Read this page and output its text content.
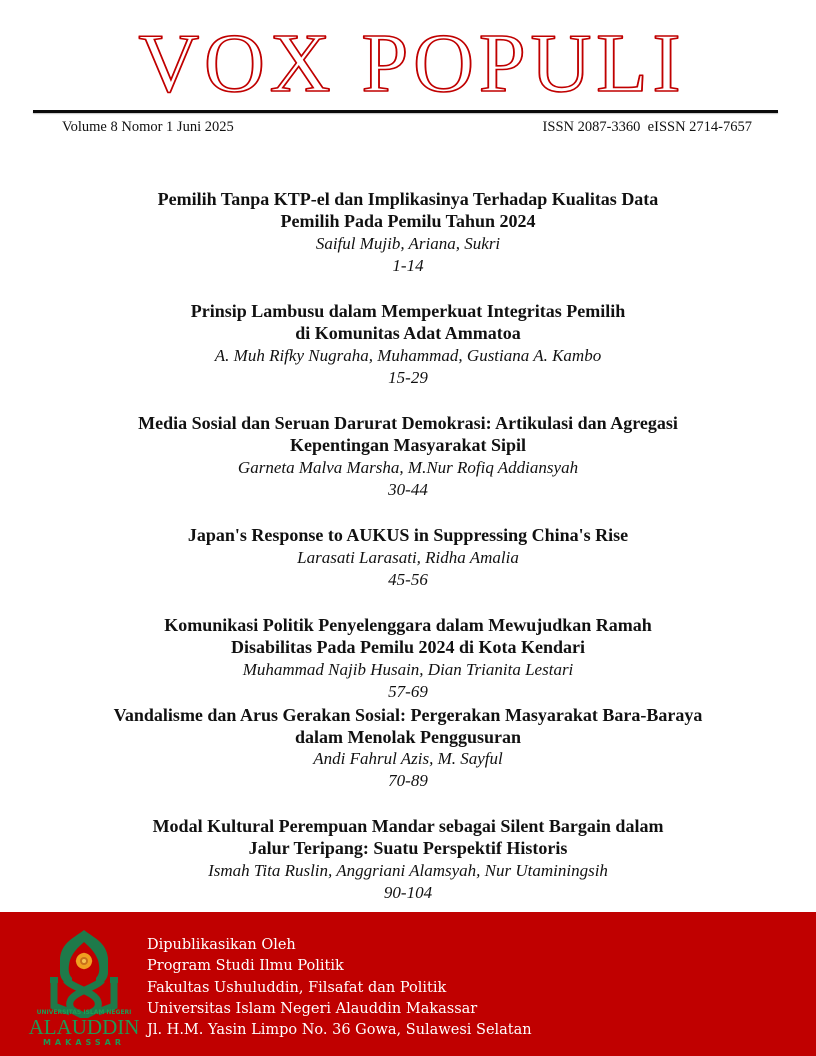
VOX POPULI
Volume 8 Nomor 1 Juni 2025	ISSN 2087-3360  eISSN 2714-7657
Pemilih Tanpa KTP-el dan Implikasinya Terhadap Kualitas Data
Pemilih Pada Pemilu Tahun 2024
Saiful Mujib, Ariana, Sukri
1-14
Prinsip Lambusu dalam Memperkuat Integritas Pemilih
di Komunitas Adat Ammatoa
A. Muh Rifky Nugraha, Muhammad, Gustiana A. Kambo
15-29
Media Sosial dan Seruan Darurat Demokrasi: Artikulasi dan Agregasi
Kepentingan Masyarakat Sipil
Garneta Malva Marsha, M.Nur Rofiq Addiansyah
30-44
Japan's Response to AUKUS in Suppressing China's Rise
Larasati Larasati, Ridha Amalia
45-56
Komunikasi Politik Penyelenggara dalam Mewujudkan Ramah
Disabilitas Pada Pemilu 2024 di Kota Kendari
Muhammad Najib Husain, Dian Trianita Lestari
57-69
Vandalisme dan Arus Gerakan Sosial: Pergerakan Masyarakat Bara-Baraya
dalam Menolak Penggusuran
Andi Fahrul Azis, M. Sayful
70-89
Modal Kultural Perempuan Mandar sebagai Silent Bargain dalam
Jalur Teripang: Suatu Perspektif Historis
Ismah Tita Ruslin, Anggriani Alamsyah, Nur Utaminingsih
90-104
UNIVERSITAS ISLAM NEGERI
ALAUDDIN
MAKASSAR
Dipublikasikan Oleh
Program Studi Ilmu Politik
Fakultas Ushuluddin, Filsafat dan Politik
Universitas Islam Negeri Alauddin Makassar
Jl. H.M. Yasin Limpo No. 36 Gowa, Sulawesi Selatan
